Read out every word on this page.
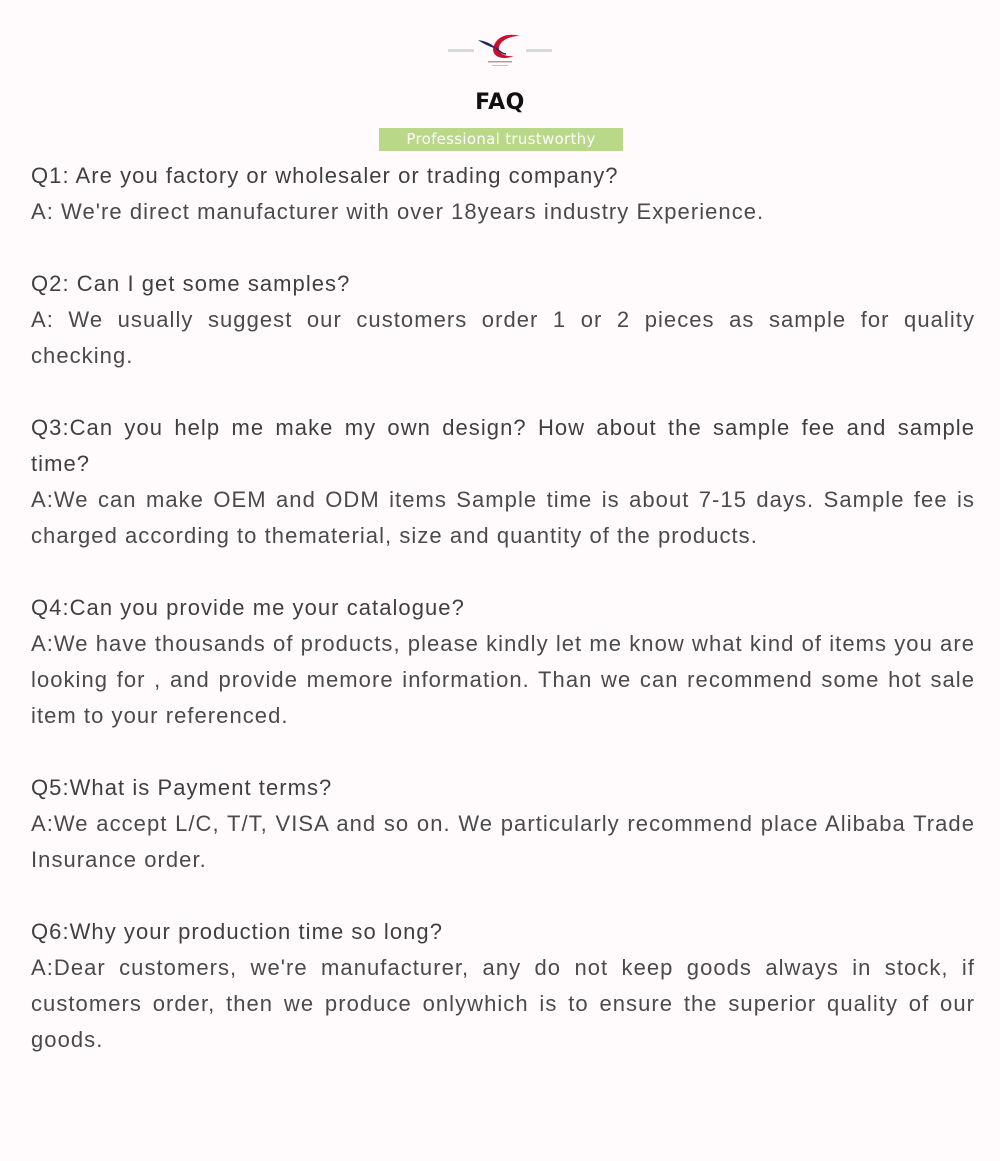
FAQ
Professional trustworthy

Q1: Are you factory or wholesaler or trading company?

A: We're direct manufacturer with over 18years industry Experience.

Q2: Can I get some samples?

A: We usually suggest our customers order 1 or 2 pieces as sample for quality checking.

Q3:Can you help me make my own design? How about the sample fee and sample time?

A:We can make OEM and ODM items Sample time is about 7-15 days. Sample fee is charged according to thematerial, size and quantity of the products.

Q4:Can you provide me your catalogue?

A:We have thousands of products, please kindly let me know what kind of items you are looking for , and provide memore information. Than we can recommend some hot sale item to your referenced.

Q5:What is Payment terms?

A:We accept L/C, T/T, VISA and so on. We particularly recommend place Alibaba Trade Insurance order.

Q6:Why your production time so long?

A:Dear customers, we're manufacturer, any do not keep goods always in stock, if customers order, then we produce onlywhich is to ensure the superior quality of our goods.
